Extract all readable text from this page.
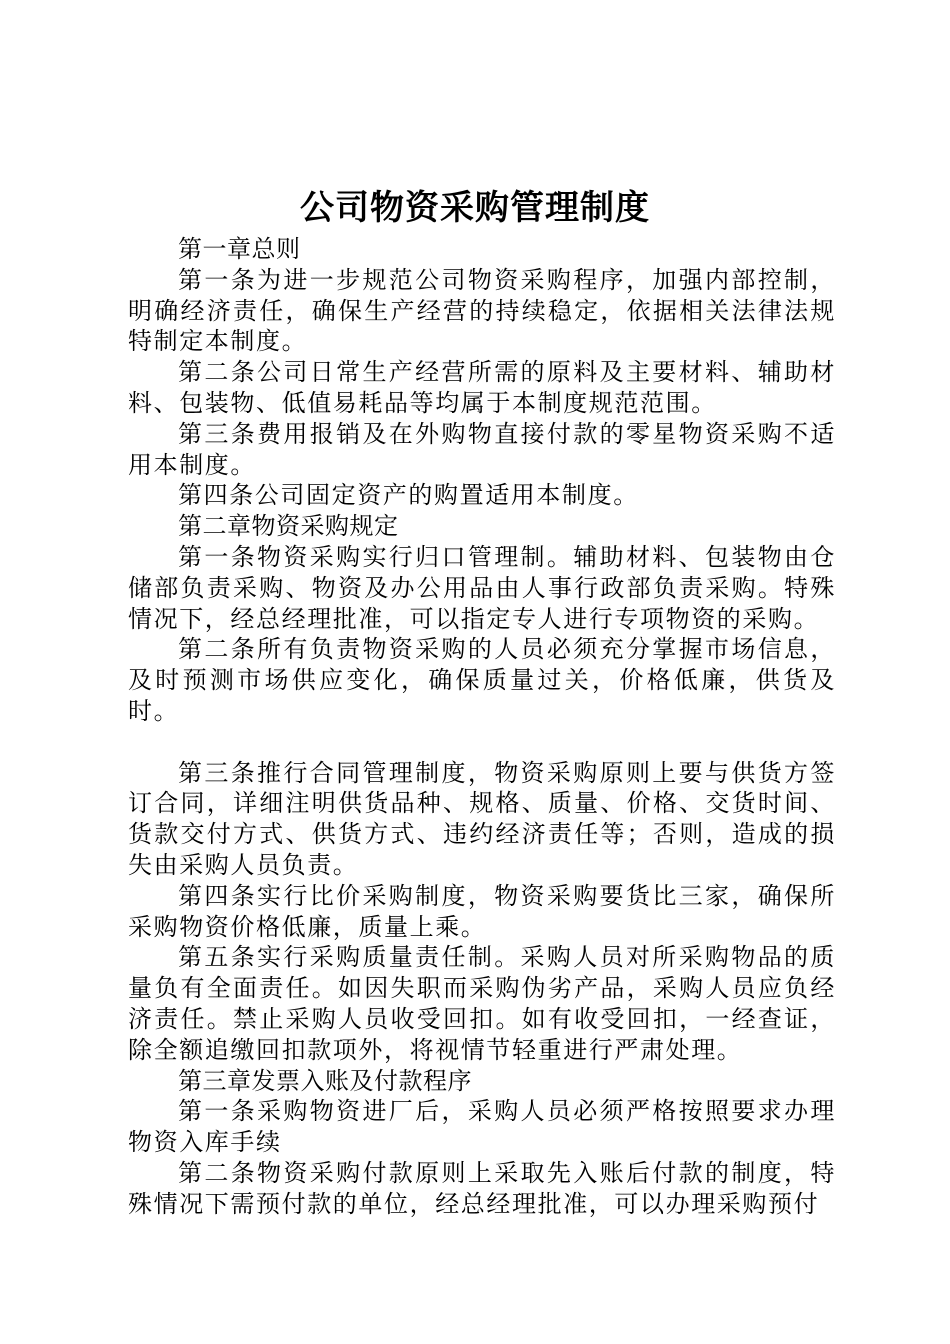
公司物资采购管理制度

第一章总则

第一条为进一步规范公司物资采购程序，加强内部控制，明确经济责任，确保生产经营的持续稳定，依据相关法律法规特制定本制度。

第二条公司日常生产经营所需的原料及主要材料、辅助材料、包装物、低值易耗品等均属于本制度规范范围。

第三条费用报销及在外购物直接付款的零星物资采购不适用本制度。

第四条公司固定资产的购置适用本制度。

第二章物资采购规定

第一条物资采购实行归口管理制。辅助材料、包装物由仓储部负责采购、物资及办公用品由人事行政部负责采购。特殊情况下，经总经理批准，可以指定专人进行专项物资的采购。

第二条所有负责物资采购的人员必须充分掌握市场信息，及时预测市场供应变化，确保质量过关，价格低廉，供货及时。

第三条推行合同管理制度，物资采购原则上要与供货方签订合同，详细注明供货品种、规格、质量、价格、交货时间、货款交付方式、供货方式、违约经济责任等；否则，造成的损失由采购人员负责。

第四条实行比价采购制度，物资采购要货比三家，确保所采购物资价格低廉，质量上乘。

第五条实行采购质量责任制。采购人员对所采购物品的质量负有全面责任。如因失职而采购伪劣产品，采购人员应负经济责任。禁止采购人员收受回扣。如有收受回扣，一经查证，除全额追缴回扣款项外，将视情节轻重进行严肃处理。

第三章发票入账及付款程序

第一条采购物资进厂后，采购人员必须严格按照要求办理物资入库手续

第二条物资采购付款原则上采取先入账后付款的制度，特殊情况下需预付款的单位，经总经理批准，可以办理采购预付
